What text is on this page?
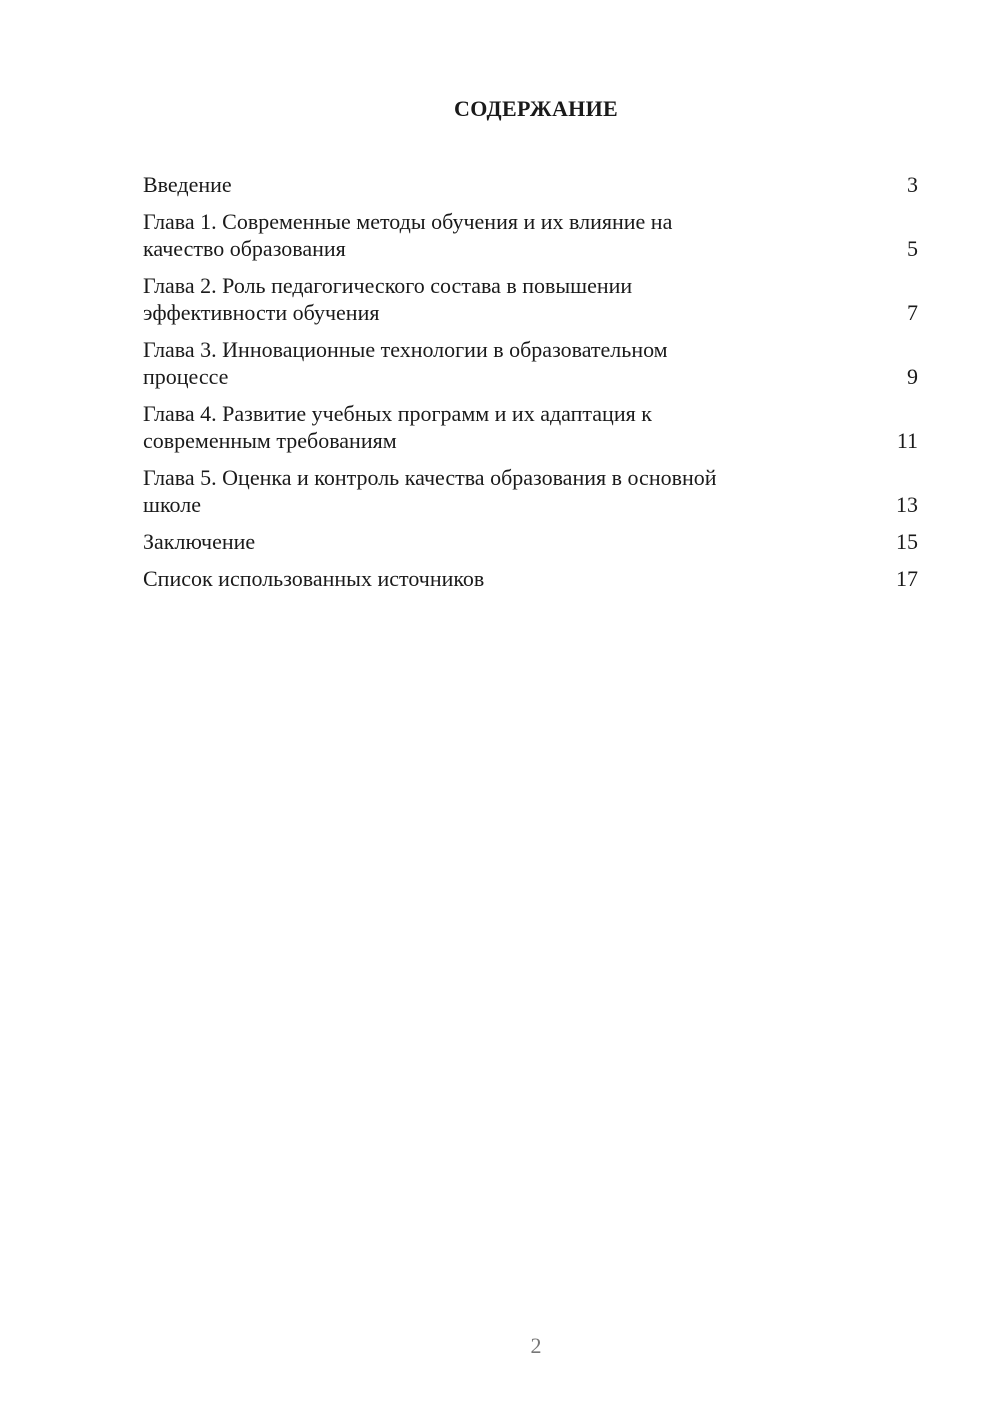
СОДЕРЖАНИЕ
Введение	3
Глава 1. Современные методы обучения и их влияние на
качество образования	5
Глава 2. Роль педагогического состава в повышении
эффективности обучения	7
Глава 3. Инновационные технологии в образовательном
процессе	9
Глава 4. Развитие учебных программ и их адаптация к
современным требованиям	11
Глава 5. Оценка и контроль качества образования в основной
школе	13
Заключение	15
Список использованных источников	17
2
